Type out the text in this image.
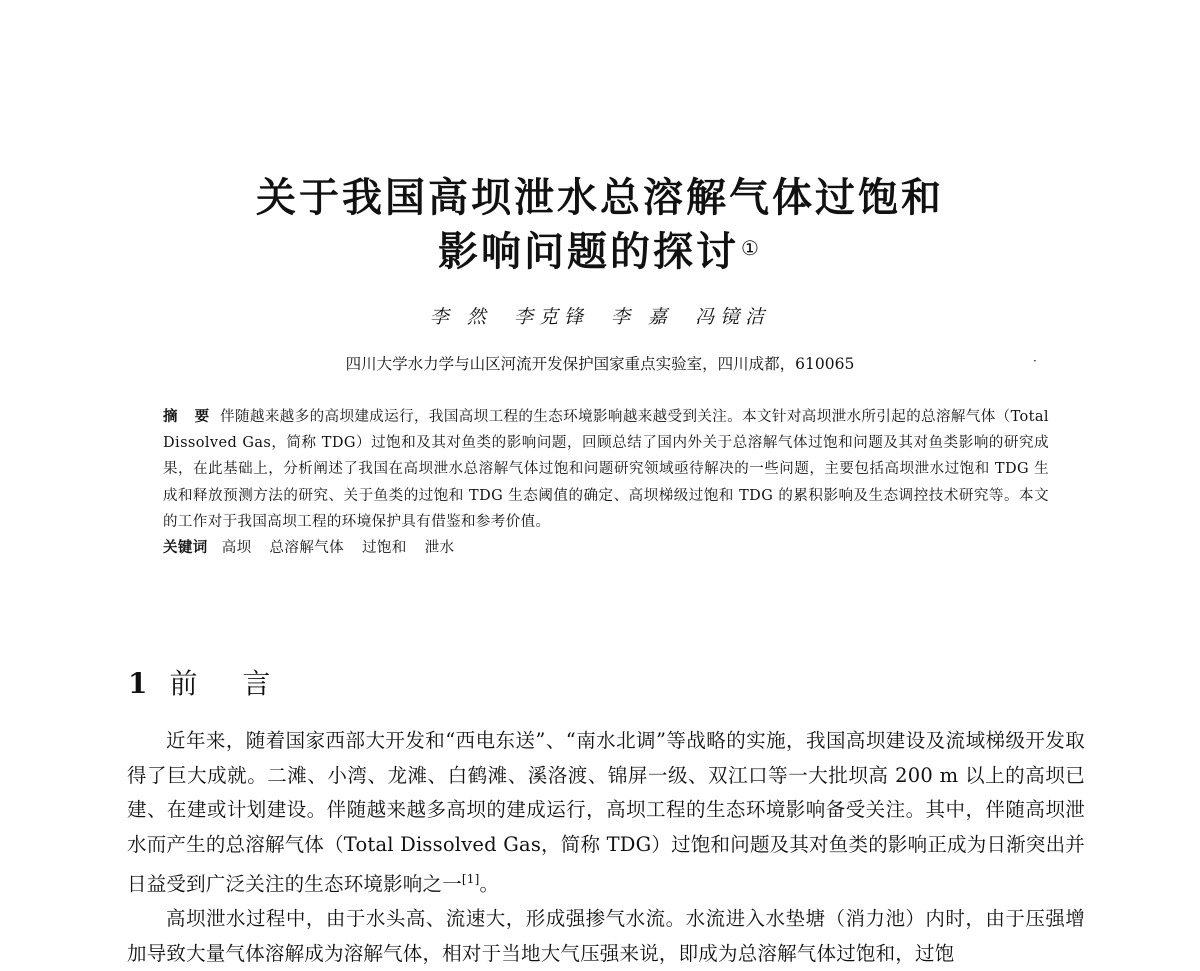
关于我国高坝泄水总溶解气体过饱和
影响问题的探讨 ①
李 然 李克锋 李 嘉 冯镜洁
四川大学水力学与山区河流开发保护国家重点实验室，四川成都，610065	·
摘 要 伴随越来越多的高坝建成运行，我国高坝工程的生态环境影响越来越受到关注。本文针对高坝泄水所引起的总溶解气体（Total Dissolved Gas，简称 TDG）过饱和及其对鱼类的影响问题，回顾总结了国内外关于总溶解气体过饱和问题及其对鱼类影响的研究成果，在此基础上，分析阐述了我国在高坝泄水总溶解气体过饱和问题研究领域亟待解决的一些问题，主要包括高坝泄水过饱和 TDG 生成和释放预测方法的研究、关于鱼类的过饱和 TDG 生态阈值的确定、高坝梯级过饱和 TDG 的累积影响及生态调控技术研究等。本文的工作对于我国高坝工程的环境保护具有借鉴和参考价值。
关键词 高坝 总溶解气体 过饱和 泄水
1 前 言

近年来，随着国家西部大开发和“西电东送”、“南水北调”等战略的实施，我国高坝建设及流域梯级开发取得了巨大成就。二滩、小湾、龙滩、白鹤滩、溪洛渡、锦屏一级、双江口等一大批坝高 200 m 以上的高坝已建、在建或计划建设。伴随越来越多高坝的建成运行，高坝工程的生态环境影响备受关注。其中，伴随高坝泄水而产生的总溶解气体（Total Dissolved Gas，简称 TDG）过饱和问题及其对鱼类的影响正成为日渐突出并日益受到广泛关注的生态环境影响之一[1]。

高坝泄水过程中，由于水头高、流速大，形成强掺气水流。水流进入水垫塘（消力池）内时，由于压强增加导致大量气体溶解成为溶解气体，相对于当地大气压强来说，即成为总溶解气体过饱和，过饱
